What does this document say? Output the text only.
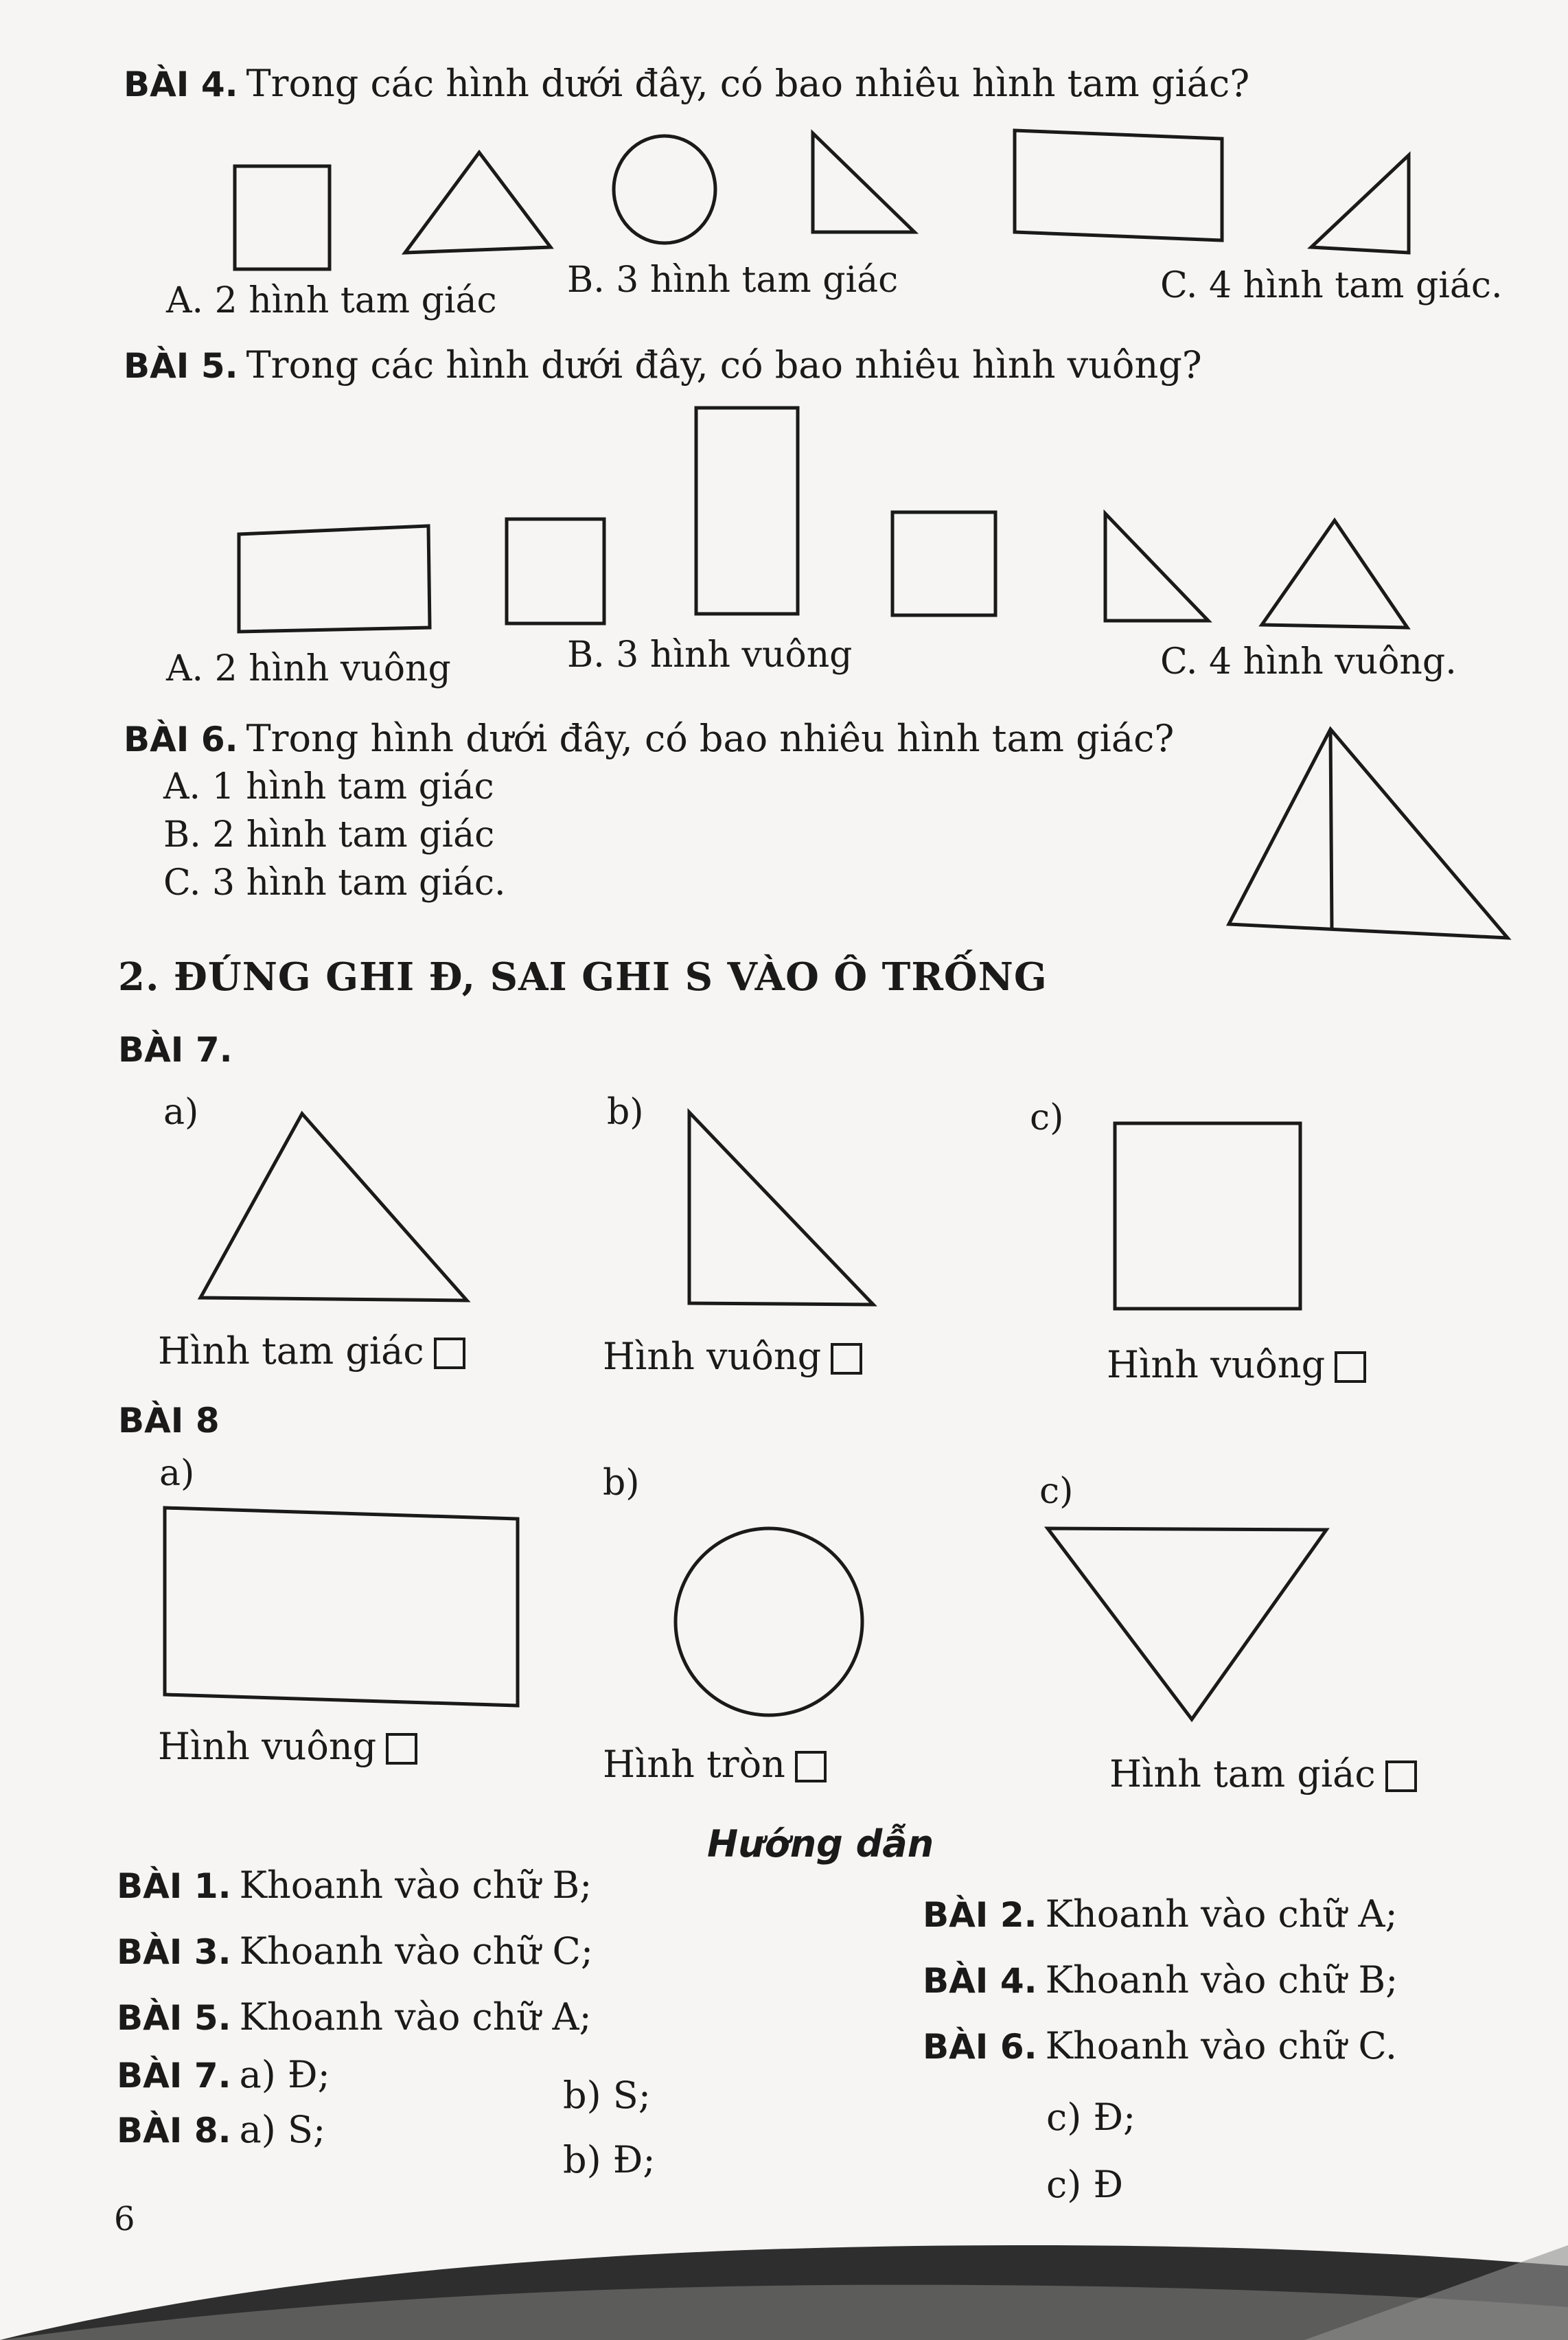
BÀI 4. Trong các hình dưới đây, có bao nhiêu hình tam giác?
A. 2 hình tam giác B. 3 hình tam giác	C. 4 hình tam giác.
BÀI 5. Trong các hình dưới đây, có bao nhiêu hình vuông?
A. 2 hình vuông	B. 3 hình vuông	C. 4 hình vuông.
BÀI 6. Trong hình dưới đây, có bao nhiêu hình tam giác?
A. 1 hình tam giác
B. 2 hình tam giác
C. 3 hình tam giác.
2. ĐÚNG GHI Đ, SAI GHI S VÀO Ô TRỐNG
BÀI 7.
a)	b)	c)
Hình tam giác	Hình vuông	Hình vuông
BÀI 8
a)	b)	c)
Hình vuông	Hình tròn	Hình tam giác
Hướng dẫn
BÀI 1. Khoanh vào chữ B;
BÀI 2. Khoanh vào chữ A;
BÀI 3. Khoanh vào chữ C;
BÀI 4. Khoanh vào chữ B;
BÀI 5. Khoanh vào chữ A;
BÀI 6. Khoanh vào chữ C.
BÀI 7. a) Đ;	b) S;
c) Đ;
BÀI 8. a) S;
b) Đ;
c) Đ
6
